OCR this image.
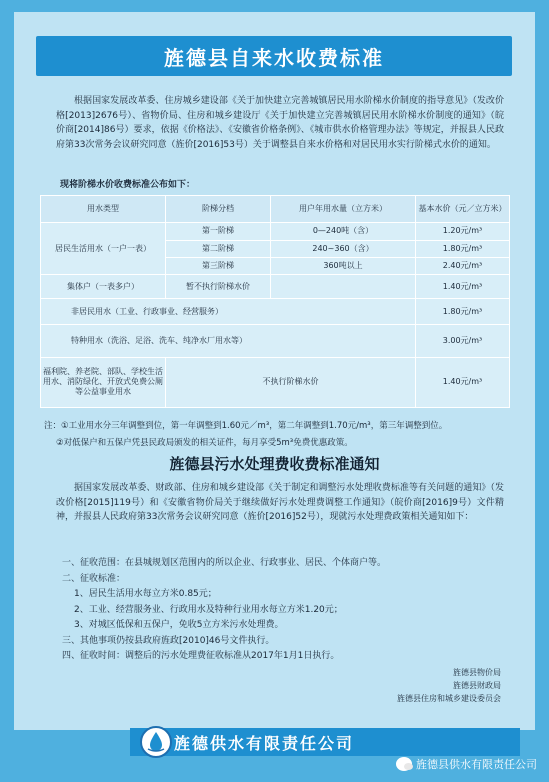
旌德县自来水收费标准
根据国家发展改革委、住房城乡建设部《关于加快建立完善城镇居民用水阶梯水价制度的指导意见》（发改价格[2013]2676号）、省物价局、住房和城乡建设厅《关于加快建立完善城镇居民用水阶梯水价制度的通知》（皖价商[2014]86号）要求，依据《价格法》、《安徽省价格条例》、《城市供水价格管理办法》等规定，并报县人民政府第33次常务会议研究同意（旌价[2016]53号）关于调整县自来水价格和对居民用水实行阶梯式水价的通知。
现将阶梯水价收费标准公布如下：
用水类型	阶梯分档	用户年用水量（立方米）	基本水价（元／立方米）
居民生活用水（一户一表）	第一阶梯	0—240吨（含）	1.20元/m³
	第二阶梯	240~360（含）	1.80元/m³
	第三阶梯	360吨以上	2.40元/m³
集体户（一表多户）	暂不执行阶梯水价		1.40元/m³
非居民用水（工业、行政事业、经营服务）			1.80元/m³
特种用水（洗浴、足浴、洗车、纯净水厂用水等）			3.00元/m³
福利院、养老院、部队、学校生活用水、消防绿化、开放式免费公厕等公益事业用水	不执行阶梯水价		1.40元/m³
注：①工业用水分三年调整到位，第一年调整到1.60元／m³，第二年调整到1.70元/m³，第三年调整到位。
②对低保户和五保户凭县民政局颁发的相关证件，每月享受5m³免费优惠政策。
旌德县污水处理费收费标准通知
据国家发展改革委、财政部、住房和城乡建设部《关于制定和调整污水处理收费标准等有关问题的通知》（发改价格[2015]119号）和《安徽省物价局关于继续做好污水处理费调整工作通知》（皖价商[2016]9号）文件精神，并报县人民政府第33次常务会议研究同意（旌价[2016]52号），现就污水处理费政策相关通知如下：
一、征收范围：在县城规划区范围内的所以企业、行政事业、居民、个体商户等。
二、征收标准：
1、居民生活用水每立方米0.85元；
2、工业、经营服务业、行政用水及特种行业用水每立方米1.20元；
3、对城区低保和五保户，免收5立方米污水处理费。
三、其他事项仍按县政府旌政[2010]46号文件执行。
四、征收时间：调整后的污水处理费征收标准从2017年1月1日执行。
旌德县物价局
旌德县财政局
旌德县住房和城乡建设委员会
旌德供水有限责任公司
旌德县供水有限责任公司
